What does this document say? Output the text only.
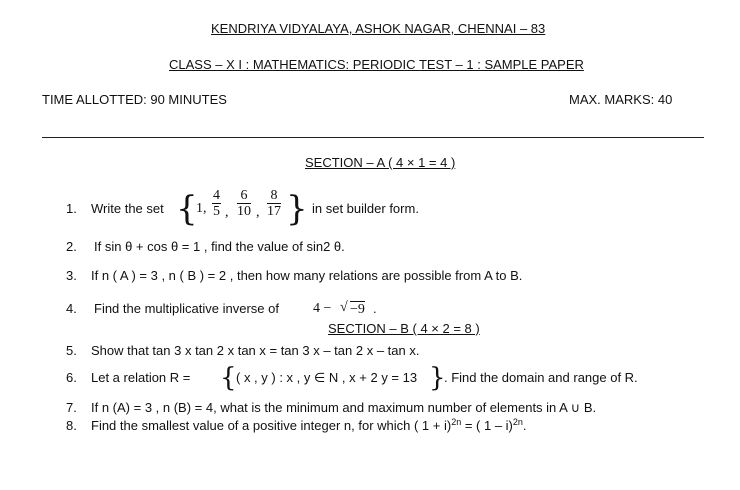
KENDRIYA VIDYALAYA, ASHOK NAGAR, CHENNAI – 83
CLASS – X I : MATHEMATICS: PERIODIC TEST – 1 : SAMPLE PAPER
TIME ALLOTTED: 90 MINUTES	MAX. MARKS: 40
SECTION – A ( 4 × 1 = 4 )
1.	Write the set {
1, $\frac{4}{5}$ , $\frac{6}{10}$ , $\frac{8}{17}$ } in set builder form.
2.	If sin θ + cos θ = 1 , find the value of sin2 θ.
3.	If n ( A ) = 3 , n ( B ) = 2 , then how many relations are possible from A to B.
4.	Find the multiplicative inverse of 4 − √ −9 .
SECTION – B ( 4 × 2 = 8 )
5.	Show that tan 3 x tan 2 x tan x = tan 3 x – tan 2 x – tan x.
6.	Let a relation R = { ( x , y ) : x , y ∈ N , x + 2 y = 13 }
. Find the domain and range of R.
7.	If n (A) = 3 , n (B) = 4, what is the minimum and maximum number of elements in A ∪ B.
8.	Find the smallest value of a positive integer n, for which ( 1 + i)$^{2n}$ = ( 1 – i)$^{2n}$.
